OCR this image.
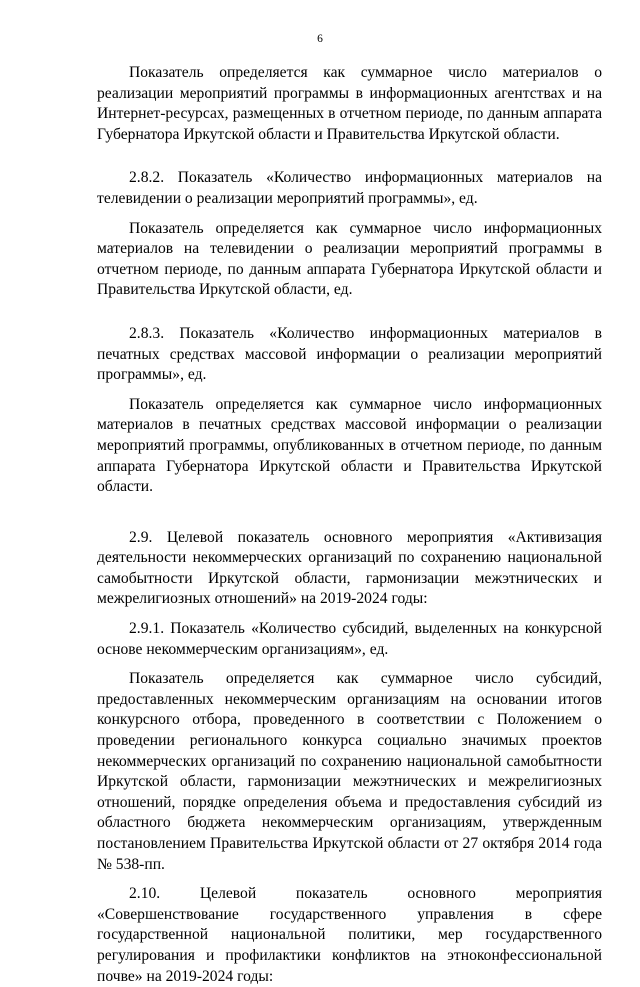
6

Показатель определяется как суммарное число материалов о реализации мероприятий программы в информационных агентствах и на Интернет-ресурсах, размещенных в отчетном периоде, по данным аппарата Губернатора Иркутской области и Правительства Иркутской области.

2.8.2. Показатель «Количество информационных материалов на телевидении о реализации мероприятий программы», ед.

Показатель определяется как суммарное число информационных материалов на телевидении о реализации мероприятий программы в отчетном периоде, по данным аппарата Губернатора Иркутской области и Правительства Иркутской области, ед.

2.8.3. Показатель «Количество информационных материалов в печатных средствах массовой информации о реализации мероприятий программы», ед.

Показатель определяется как суммарное число информационных материалов в печатных средствах массовой информации о реализации мероприятий программы, опубликованных в отчетном периоде, по данным аппарата Губернатора Иркутской области и Правительства Иркутской области.

2.9. Целевой показатель основного мероприятия «Активизация деятельности некоммерческих организаций по сохранению национальной самобытности Иркутской области, гармонизации межэтнических и межрелигиозных отношений» на 2019-2024 годы:

2.9.1. Показатель «Количество субсидий, выделенных на конкурсной основе некоммерческим организациям», ед.

Показатель определяется как суммарное число субсидий, предоставленных некоммерческим организациям на основании итогов конкурсного отбора, проведенного в соответствии с Положением о проведении регионального конкурса социально значимых проектов некоммерческих организаций по сохранению национальной самобытности Иркутской области, гармонизации межэтнических и межрелигиозных отношений, порядке определения объема и предоставления субсидий из областного бюджета некоммерческим организациям, утвержденным постановлением Правительства Иркутской области от 27 октября 2014 года № 538-пп.

2.10. Целевой показатель основного мероприятия «Совершенствование государственного управления в сфере государственной национальной политики, мер государственного регулирования и профилактики конфликтов на этноконфессиональной почве» на 2019-2024 годы:
